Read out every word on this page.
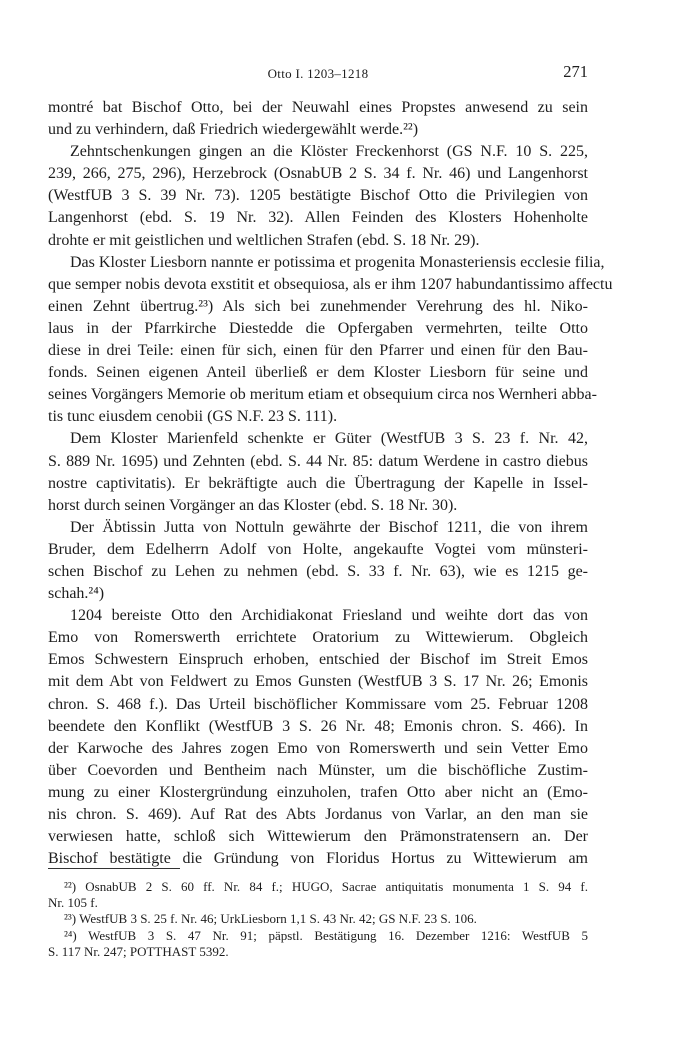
Otto I. 1203–1218	271
montré bat Bischof Otto, bei der Neuwahl eines Propstes anwesend zu sein
und zu verhindern, daß Friedrich wiedergewählt werde.²²)
Zehntschenkungen gingen an die Klöster Freckenhorst (GS N.F. 10 S. 225,
239, 266, 275, 296), Herzebrock (OsnabUB 2 S. 34 f. Nr. 46) und Langenhorst
(WestfUB 3 S. 39 Nr. 73). 1205 bestätigte Bischof Otto die Privilegien von
Langenhorst (ebd. S. 19 Nr. 32). Allen Feinden des Klosters Hohenholte
drohte er mit geistlichen und weltlichen Strafen (ebd. S. 18 Nr. 29).
Das Kloster Liesborn nannte er potissima et progenita Monasteriensis ecclesie filia,
que semper nobis devota exstitit et obsequiosa, als er ihm 1207 habundantissimo affectu
einen Zehnt übertrug.²³) Als sich bei zunehmender Verehrung des hl. Niko-
laus in der Pfarrkirche Diestedde die Opfergaben vermehrten, teilte Otto
diese in drei Teile: einen für sich, einen für den Pfarrer und einen für den Bau-
fonds. Seinen eigenen Anteil überließ er dem Kloster Liesborn für seine und
seines Vorgängers Memorie ob meritum etiam et obsequium circa nos Wernheri abba-
tis tunc eiusdem cenobii (GS N.F. 23 S. 111).
Dem Kloster Marienfeld schenkte er Güter (WestfUB 3 S. 23 f. Nr. 42,
S. 889 Nr. 1695) und Zehnten (ebd. S. 44 Nr. 85: datum Werdene in castro diebus
nostre captivitatis). Er bekräftigte auch die Übertragung der Kapelle in Issel-
horst durch seinen Vorgänger an das Kloster (ebd. S. 18 Nr. 30).
Der Äbtissin Jutta von Nottuln gewährte der Bischof 1211, die von ihrem
Bruder, dem Edelherrn Adolf von Holte, angekaufte Vogtei vom münsteri-
schen Bischof zu Lehen zu nehmen (ebd. S. 33 f. Nr. 63), wie es 1215 ge-
schah.²⁴)
1204 bereiste Otto den Archidiakonat Friesland und weihte dort das von
Emo von Romerswerth errichtete Oratorium zu Wittewierum. Obgleich
Emos Schwestern Einspruch erhoben, entschied der Bischof im Streit Emos
mit dem Abt von Feldwert zu Emos Gunsten (WestfUB 3 S. 17 Nr. 26; Emonis
chron. S. 468 f.). Das Urteil bischöflicher Kommissare vom 25. Februar 1208
beendete den Konflikt (WestfUB 3 S. 26 Nr. 48; Emonis chron. S. 466). In
der Karwoche des Jahres zogen Emo von Romerswerth und sein Vetter Emo
über Coevorden und Bentheim nach Münster, um die bischöfliche Zustim-
mung zu einer Klostergründung einzuholen, trafen Otto aber nicht an (Emo-
nis chron. S. 469). Auf Rat des Abts Jordanus von Varlar, an den man sie
verwiesen hatte, schloß sich Wittewierum den Prämonstratensern an. Der
Bischof bestätigte die Gründung von Floridus Hortus zu Wittewierum am
²²) OsnabUB 2 S. 60 ff. Nr. 84 f.; HUGO, Sacrae antiquitatis monumenta 1 S. 94 f.
Nr. 105 f.
²³) WestfUB 3 S. 25 f. Nr. 46; UrkLiesborn 1,1 S. 43 Nr. 42; GS N.F. 23 S. 106.
²⁴) WestfUB 3 S. 47 Nr. 91; päpstl. Bestätigung 16. Dezember 1216: WestfUB 5
S. 117 Nr. 247; POTTHAST 5392.
